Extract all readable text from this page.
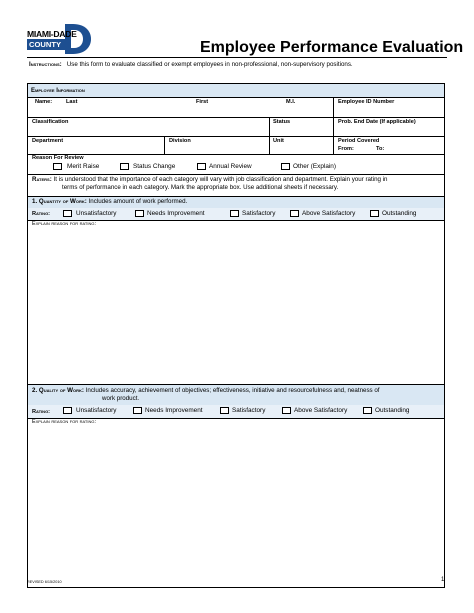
MIAMI-DADE
COUNTY	Employee Performance Evaluation
Instructions: Use this form to evaluate classified or exempt employees in non-professional, non-supervisory positions.
Employee Information
Name: Last	First	M.I.	Employee ID Number
Classification	Status	Prob. End Date (If applicable)
Department	Division	Unit	Period Covered
From:	To:
Reason For Review
Merit Raise	Status Change	Annual Review	Other (Explain)
Raters: It is understood that the importance of each category will vary with job classification and department. Explain your rating in
terms of performance in each category. Mark the appropriate box. Use additional sheets if necessary.
1. Quantity of Work: Includes amount of work performed.
Rating:	Unsatisfactory	Needs Improvement	Satisfactory	Above Satisfactory	Outstanding
Explain reason for rating:
2. Quality of Work: Includes accuracy, achievement of objectives; effectiveness, initiative and resourcefulness and, neatness of
work product.
Rating:	Unsatisfactory	Needs Improvement	Satisfactory	Above Satisfactory	Outstanding
Explain reason for rating:
REVISED 6/15/2010	1
